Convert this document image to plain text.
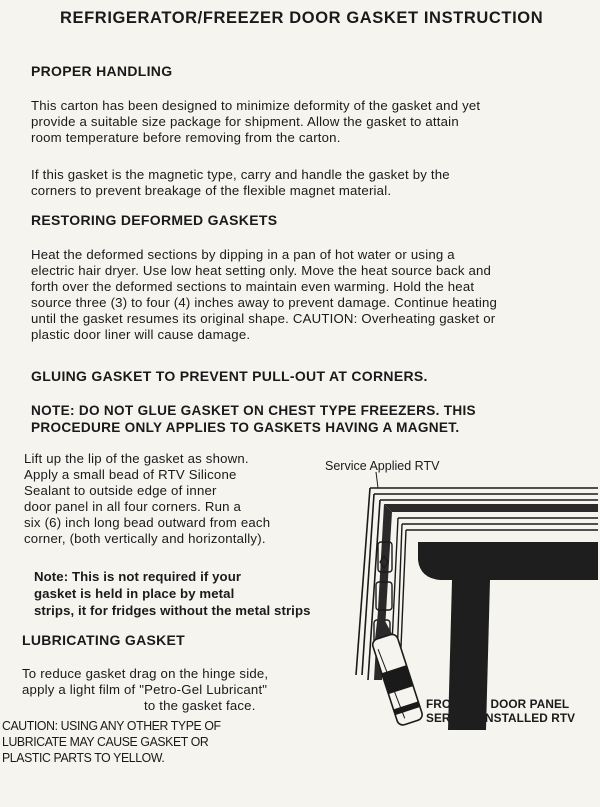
REFRIGERATOR/FREEZER DOOR GASKET INSTRUCTION
PROPER HANDLING
This carton has been designed to minimize deformity of the gasket and yet
provide a suitable size package for shipment. Allow the gasket to attain
room temperature before removing from the carton.
If this gasket is the magnetic type, carry and handle the gasket by the
corners to prevent breakage of the flexible magnet material.
RESTORING DEFORMED GASKETS
Heat the deformed sections by dipping in a pan of hot water or using a
electric hair dryer. Use low heat setting only. Move the heat source back and
forth over the deformed sections to maintain even warming. Hold the heat
source three (3) to four (4) inches away to prevent damage. Continue heating
until the gasket resumes its original shape. CAUTION: Overheating gasket or
plastic door liner will cause damage.
GLUING GASKET TO PREVENT PULL-OUT AT CORNERS.
NOTE: DO NOT GLUE GASKET ON CHEST TYPE FREEZERS. THIS
PROCEDURE ONLY APPLIES TO GASKETS HAVING A MAGNET.
Lift up the lip of the gasket as shown.
Apply a small bead of RTV Silicone
Sealant to outside edge of inner
door panel in all four corners. Run a
six (6) inch long bead outward from each
corner, (both vertically and horizontally).
Note: This is not required if your
gasket is held in place by metal
strips, it for fridges without the metal strips
LUBRICATING GASKET
To reduce gasket drag on the hinge side,
apply a light film of "Petro-Gel Lubricant"
to the gasket face.
CAUTION: USING ANY OTHER TYPE OF
LUBRICATE MAY CAUSE GASKET OR
PLASTIC PARTS TO YELLOW.
Service Applied RTV
FRONT OF DOOR PANEL
SERVICE INSTALLED RTV
